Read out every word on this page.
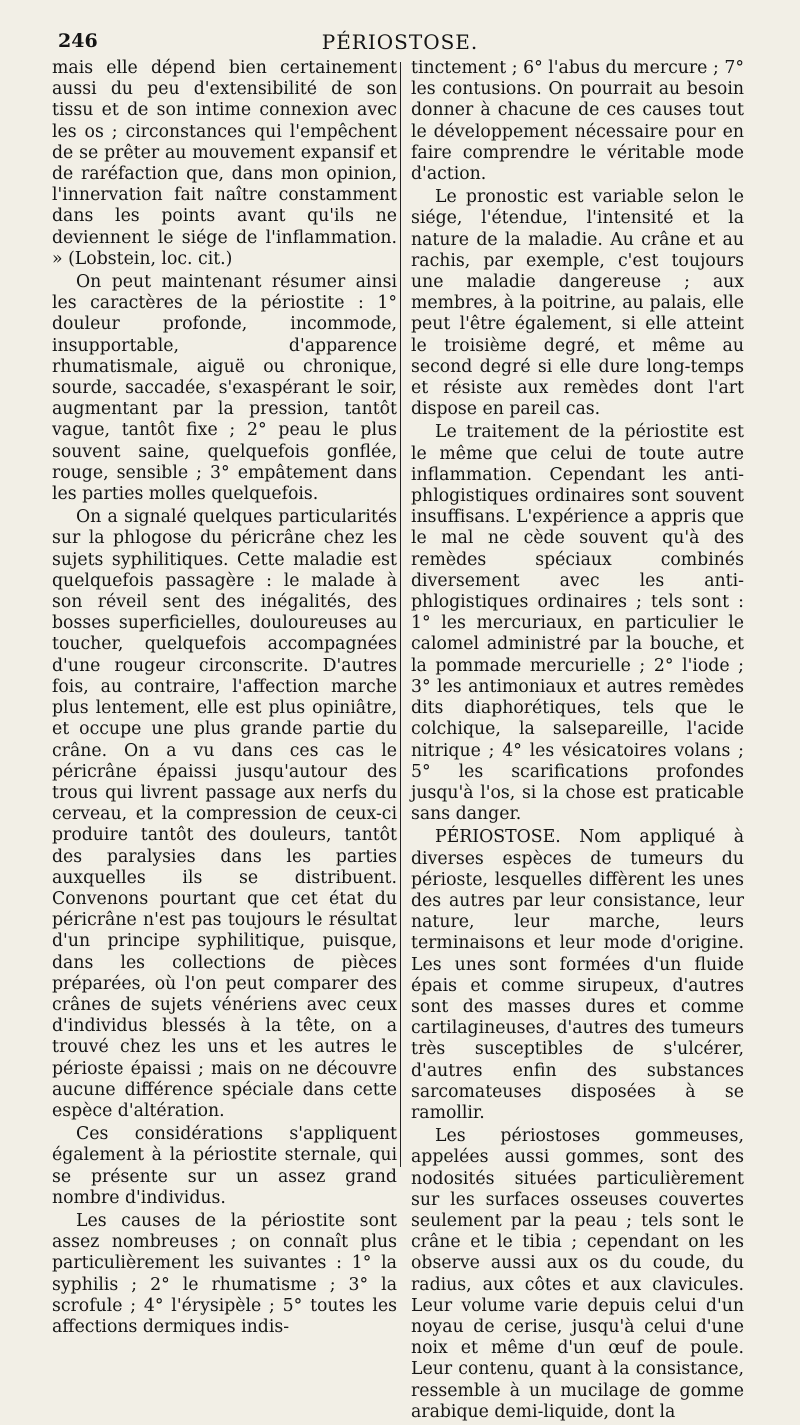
246	PÉRIOSTOSE.

mais elle dépend bien certainement aussi du peu d'extensibilité de son tissu et de son intime connexion avec les os ; circonstances qui l'empêchent de se prêter au mouvement expansif et de raréfaction que, dans mon opinion, l'innervation fait naître constamment dans les points avant qu'ils ne deviennent le siége de l'inflammation. » (Lobstein, loc. cit.)

On peut maintenant résumer ainsi les caractères de la périostite : 1° douleur profonde, incommode, insupportable, d'apparence rhumatismale, aiguë ou chronique, sourde, saccadée, s'exaspérant le soir, augmentant par la pression, tantôt vague, tantôt fixe ; 2° peau le plus souvent saine, quelquefois gonflée, rouge, sensible ; 3° empâtement dans les parties molles quelquefois.

On a signalé quelques particularités sur la phlogose du péricrâne chez les sujets syphilitiques. Cette maladie est quelquefois passagère : le malade à son réveil sent des inégalités, des bosses superficielles, douloureuses au toucher, quelquefois accompagnées d'une rougeur circonscrite. D'autres fois, au contraire, l'affection marche plus lentement, elle est plus opiniâtre, et occupe une plus grande partie du crâne. On a vu dans ces cas le péricrâne épaissi jusqu'autour des trous qui livrent passage aux nerfs du cerveau, et la compression de ceux-ci produire tantôt des douleurs, tantôt des paralysies dans les parties auxquelles ils se distribuent. Convenons pourtant que cet état du péricrâne n'est pas toujours le résultat d'un principe syphilitique, puisque, dans les collections de pièces préparées, où l'on peut comparer des crânes de sujets vénériens avec ceux d'individus blessés à la tête, on a trouvé chez les uns et les autres le périoste épaissi ; mais on ne découvre aucune différence spéciale dans cette espèce d'altération.

Ces considérations s'appliquent également à la périostite sternale, qui se présente sur un assez grand nombre d'individus.

Les causes de la périostite sont assez nombreuses ; on connaît plus particulièrement les suivantes : 1° la syphilis ; 2° le rhumatisme ; 3° la scrofule ; 4° l'érysipèle ; 5° toutes les affections dermiques indis-

tinctement ; 6° l'abus du mercure ; 7° les contusions. On pourrait au besoin donner à chacune de ces causes tout le développement nécessaire pour en faire comprendre le véritable mode d'action.

Le pronostic est variable selon le siége, l'étendue, l'intensité et la nature de la maladie. Au crâne et au rachis, par exemple, c'est toujours une maladie dangereuse ; aux membres, à la poitrine, au palais, elle peut l'être également, si elle atteint le troisième degré, et même au second degré si elle dure long-temps et résiste aux remèdes dont l'art dispose en pareil cas.

Le traitement de la périostite est le même que celui de toute autre inflammation. Cependant les anti-phlogistiques ordinaires sont souvent insuffisans. L'expérience a appris que le mal ne cède souvent qu'à des remèdes spéciaux combinés diversement avec les anti-phlogistiques ordinaires ; tels sont : 1° les mercuriaux, en particulier le calomel administré par la bouche, et la pommade mercurielle ; 2° l'iode ; 3° les antimoniaux et autres remèdes dits diaphorétiques, tels que le colchique, la salsepareille, l'acide nitrique ; 4° les vésicatoires volans ; 5° les scarifications profondes jusqu'à l'os, si la chose est praticable sans danger.

PÉRIOSTOSE. Nom appliqué à diverses espèces de tumeurs du périoste, lesquelles diffèrent les unes des autres par leur consistance, leur nature, leur marche, leurs terminaisons et leur mode d'origine. Les unes sont formées d'un fluide épais et comme sirupeux, d'autres sont des masses dures et comme cartilagineuses, d'autres des tumeurs très susceptibles de s'ulcérer, d'autres enfin des substances sarcomateuses disposées à se ramollir.

Les périostoses gommeuses, appelées aussi gommes, sont des nodosités situées particulièrement sur les surfaces osseuses couvertes seulement par la peau ; tels sont le crâne et le tibia ; cependant on les observe aussi aux os du coude, du radius, aux côtes et aux clavicules. Leur volume varie depuis celui d'un noyau de cerise, jusqu'à celui d'une noix et même d'un œuf de poule. Leur contenu, quant à la consistance, ressemble à un mucilage de gomme arabique demi-liquide, dont la
